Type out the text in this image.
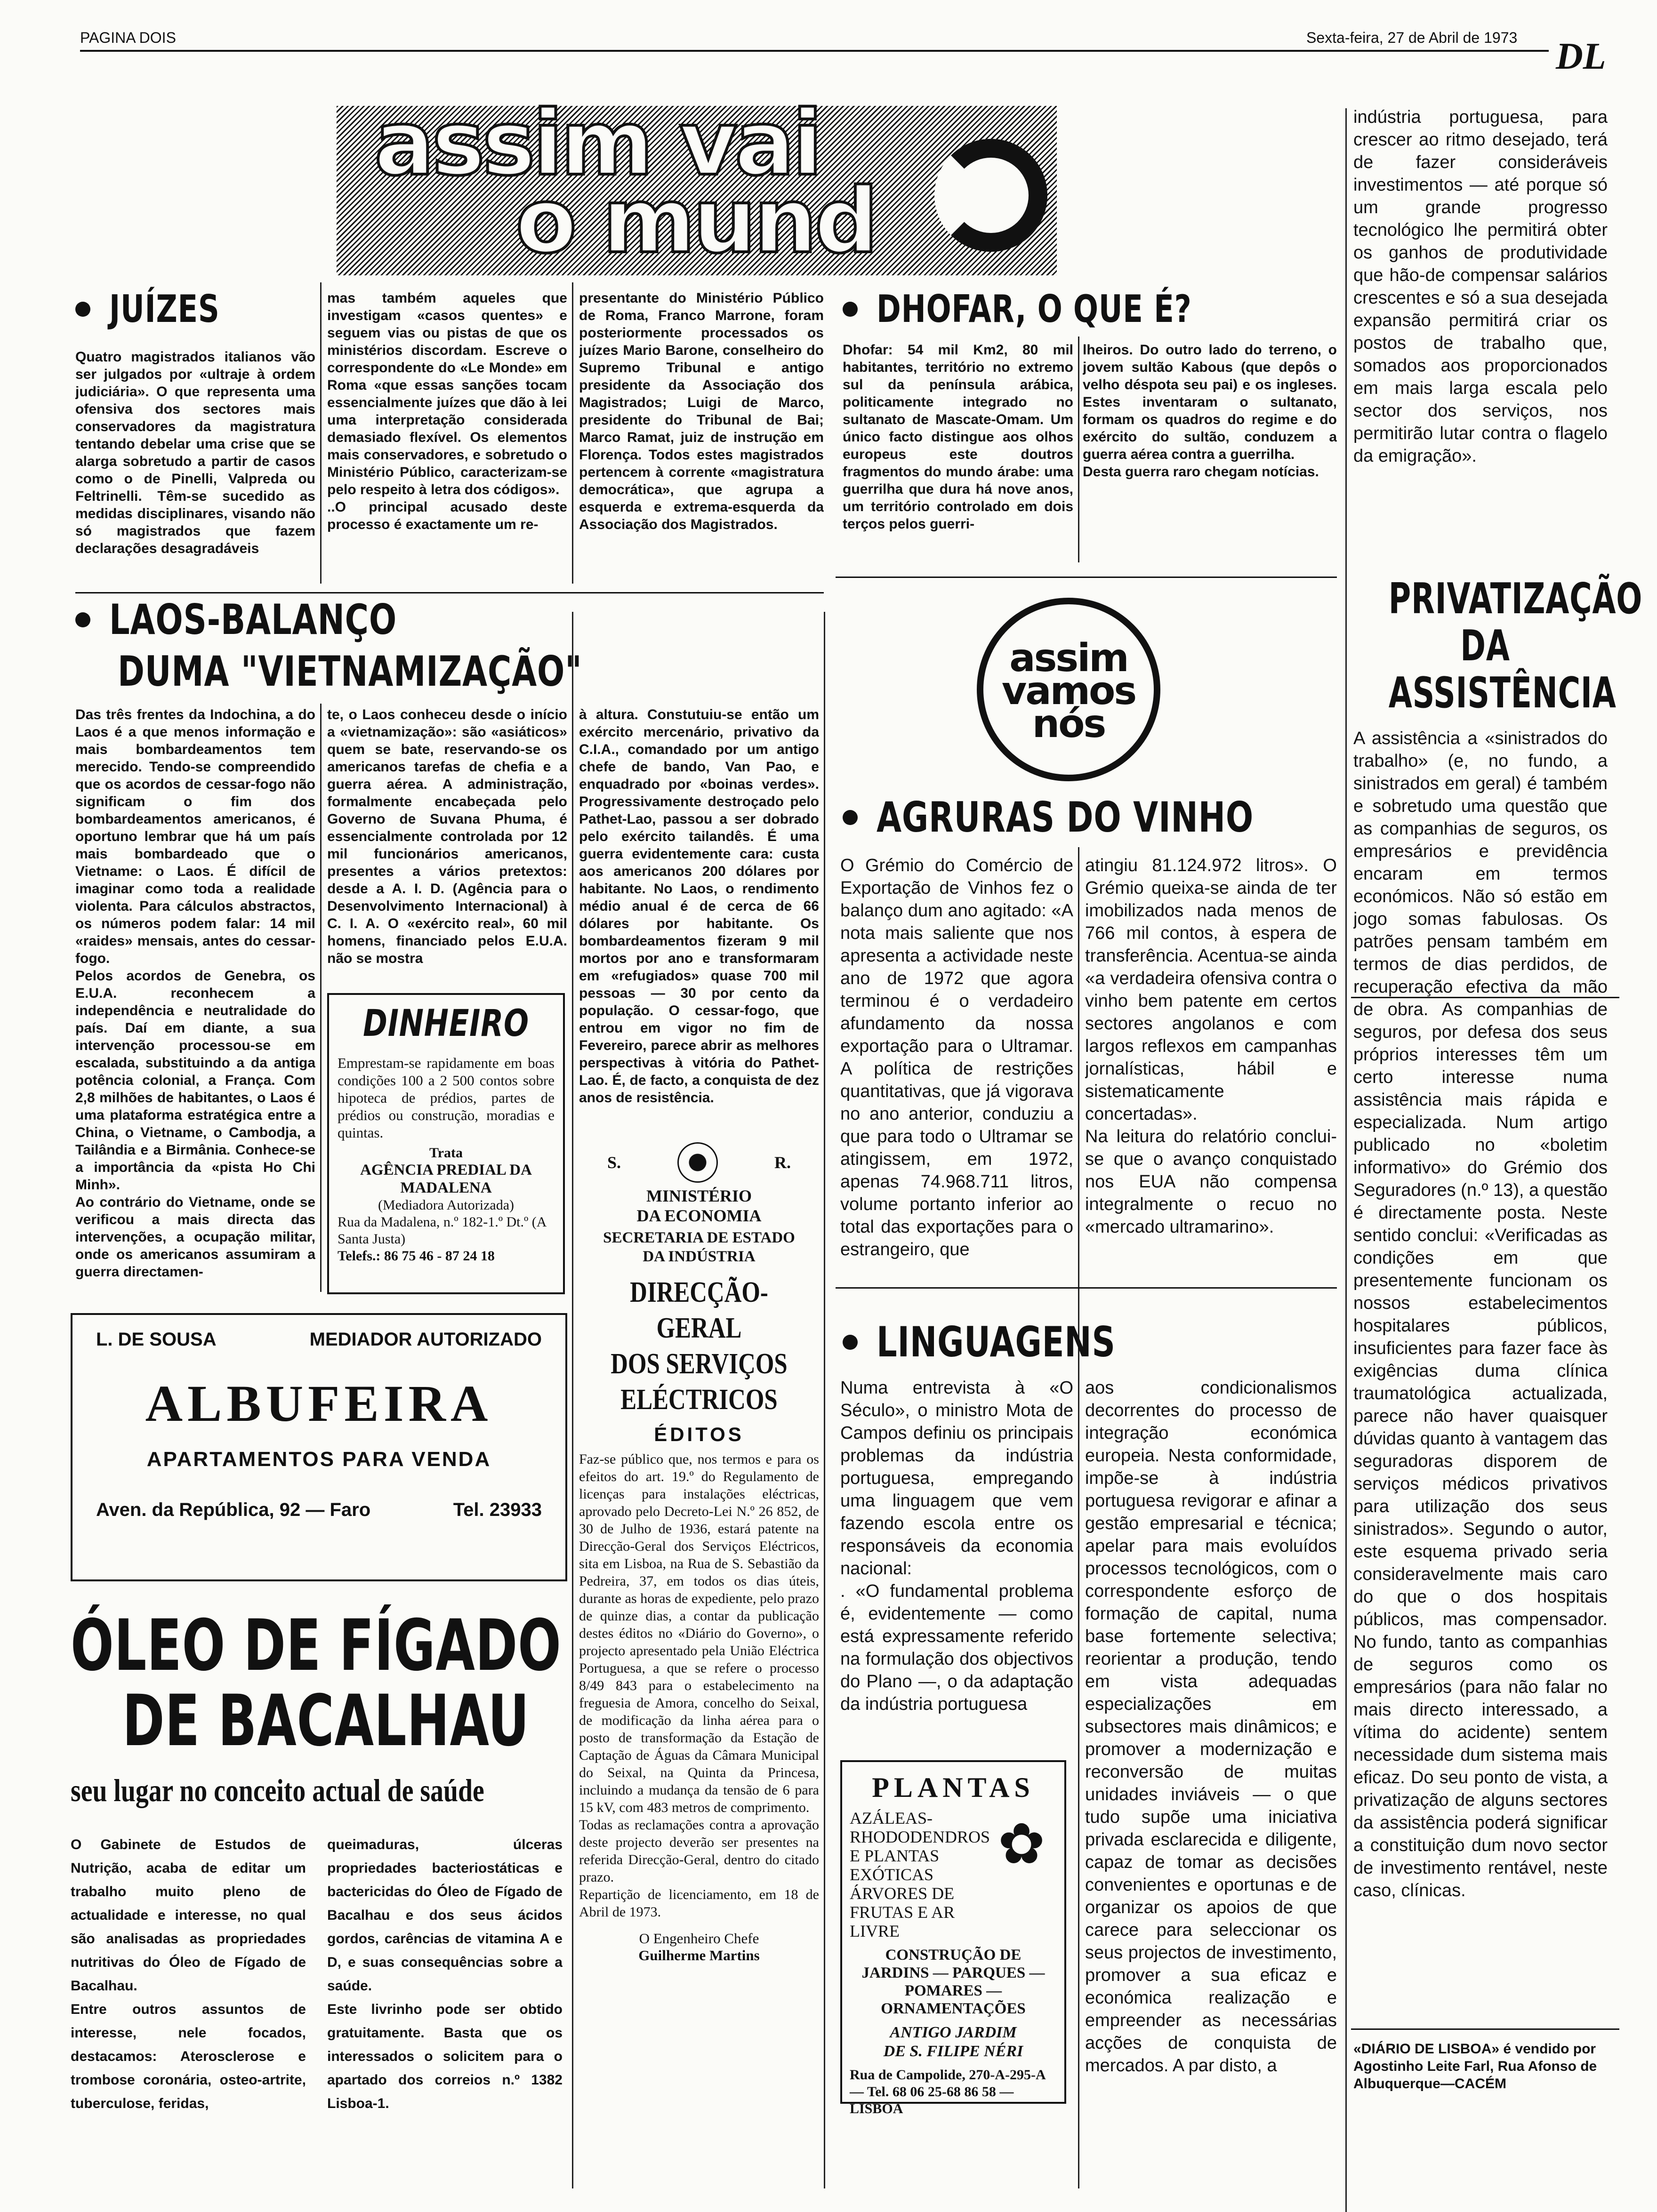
PAGINA DOIS	Sexta-feira, 27 de Abril de 1973 DL
assim vai
o mund
JUÍZES
Quatro magistrados italianos vão ser julgados por «ultraje à ordem judiciária». O que representa uma ofensiva dos sectores mais conservadores da magistratura tentando debelar uma crise que se alarga sobretudo a partir de casos como o de Pinelli, Valpreda ou Feltrinelli. Têm-se sucedido as medidas disciplinares, visando não só magistrados que fazem declarações desagradáveis
mas também aqueles que investigam «casos quentes» e seguem vias ou pistas de que os ministérios discordam. Escreve o correspondente do «Le Monde» em Roma «que essas sanções tocam essencialmente juízes que dão à lei uma interpretação considerada demasiado flexível. Os elementos mais conservadores, e sobretudo o Ministério Público, caracterizam-se pelo respeito à letra dos códigos».
..O principal acusado deste processo é exactamente um re-
presentante do Ministério Público de Roma, Franco Marrone, foram posteriormente processados os juízes Mario Barone, conselheiro do Supremo Tribunal e antigo presidente da Associação dos Magistrados; Luigi de Marco, presidente do Tribunal de Bai; Marco Ramat, juiz de instrução em Florença. Todos estes magistrados pertencem à corrente «magistratura democrática», que agrupa a esquerda e extrema-esquerda da Associação dos Magistrados.
DHOFAR, O QUE É?
Dhofar: 54 mil Km2, 80 mil habitantes, território no extremo sul da península arábica, politicamente integrado no sultanato de Mascate-Omam. Um único facto distingue aos olhos europeus este doutros fragmentos do mundo árabe: uma guerrilha que dura há nove anos, um território controlado em dois terços pelos guerri-
lheiros. Do outro lado do terreno, o jovem sultão Kabous (que depôs o velho déspota seu pai) e os ingleses. Estes inventaram o sultanato, formam os quadros do regime e do exército do sultão, conduzem a guerra aérea contra a guerrilha.
Desta guerra raro chegam notícias.
indústria portuguesa, para crescer ao ritmo desejado, terá de fazer consideráveis investimentos — até porque só um grande progresso tecnológico lhe permitirá obter os ganhos de produtividade que hão-de compensar salários crescentes e só a sua desejada expansão permitirá criar os postos de trabalho que, somados aos proporcionados em mais larga escala pelo sector dos serviços, nos permitirão lutar contra o flagelo da emigração».
LAOS-BALANÇO
DUMA "VIETNAMIZAÇÃO"
Das três frentes da Indochina, a do Laos é a que menos informação e mais bombardeamentos tem merecido. Tendo-se compreendido que os acordos de cessar-fogo não significam o fim dos bombardeamentos americanos, é oportuno lembrar que há um país mais bombardeado que o Vietname: o Laos. É difícil de imaginar como toda a realidade violenta. Para cálculos abstractos, os números podem falar: 14 mil «raides» mensais, antes do cessar-fogo.
Pelos acordos de Genebra, os E.U.A. reconhecem a independência e neutralidade do país. Daí em diante, a sua intervenção processou-se em escalada, substituindo a da antiga potência colonial, a França. Com 2,8 milhões de habitantes, o Laos é uma plataforma estratégica entre a China, o Vietname, o Cambodja, a Tailândia e a Birmânia. Conhece-se a importância da «pista Ho Chi Minh».
Ao contrário do Vietname, onde se verificou a mais directa das intervenções, a ocupação militar, onde os americanos assumiram a guerra directamen-
te, o Laos conheceu desde o início a «vietnamização»: são «asiáticos» quem se bate, reservando-se os americanos tarefas de chefia e a guerra aérea. A administração, formalmente encabeçada pelo Governo de Suvana Phuma, é essencialmente controlada por 12 mil funcionários americanos, presentes a vários pretextos: desde a A. I. D. (Agência para o Desenvolvimento Internacional) à C. I. A. O «exército real», 60 mil homens, financiado pelos E.U.A. não se mostra
à altura. Constutuiu-se então um exército mercenário, privativo da C.I.A., comandado por um antigo chefe de bando, Van Pao, e enquadrado por «boinas verdes». Progressivamente destroçado pelo Pathet-Lao, passou a ser dobrado pelo exército tailandês. É uma guerra evidentemente cara: custa aos americanos 200 dólares por habitante. No Laos, o rendimento médio anual é de cerca de 66 dólares por habitante. Os bombardeamentos fizeram 9 mil mortos por ano e transformaram em «refugiados» quase 700 mil pessoas — 30 por cento da população. O cessar-fogo, que entrou em vigor no fim de Fevereiro, parece abrir as melhores perspectivas à vitória do Pathet-Lao. É, de facto, a conquista de dez anos de resistência.
DINHEIRO
Emprestam-se rapidamente em boas condições 100 a 2 500 contos sobre hipoteca de prédios, partes de prédios ou construção, moradias e quintas.
Trata
AGÊNCIA PREDIAL DA MADALENA
(Mediadora Autorizada)
Rua da Madalena, n.º 182-1.º Dt.º (A Santa Justa)
Telefs.: 86 75 46 - 87 24 18
L. DE SOUSA	MEDIADOR AUTORIZADO
ALBUFEIRA
APARTAMENTOS PARA VENDA
Aven. da República, 92 — Faro	Tel. 23933
ÓLEO DE FÍGADO
DE BACALHAU
seu lugar no conceito actual de saúde
O Gabinete de Estudos de Nutrição, acaba de editar um trabalho muito pleno de actualidade e interesse, no qual são analisadas as propriedades nutritivas do Óleo de Fígado de Bacalhau.
Entre outros assuntos de interesse, nele focados, destacamos: Aterosclerose e trombose coronária, osteo-artrite, tuberculose, feridas,
queimaduras, úlceras propriedades bacteriostáticas e bactericidas do Óleo de Fígado de Bacalhau e dos seus ácidos gordos, carências de vitamina A e D, e suas consequências sobre a saúde.
Este livrinho pode ser obtido gratuitamente. Basta que os interessados o solicitem para o apartado dos correios n.º 1382 Lisboa-1.
S.	R.
MINISTÉRIO
DA ECONOMIA
SECRETARIA DE ESTADO
DA INDÚSTRIA
DIRECÇÃO-GERAL
DOS SERVIÇOS
ELÉCTRICOS
ÉDITOS
Faz-se público que, nos termos e para os efeitos do art. 19.º do Regulamento de licenças para instalações eléctricas, aprovado pelo Decreto-Lei N.º 26 852, de 30 de Julho de 1936, estará patente na Direcção-Geral dos Serviços Eléctricos, sita em Lisboa, na Rua de S. Sebastião da Pedreira, 37, em todos os dias úteis, durante as horas de expediente, pelo prazo de quinze dias, a contar da publicação destes éditos no «Diário do Governo», o projecto apresentado pela União Eléctrica Portuguesa, a que se refere o processo 8/49 843 para o estabelecimento na freguesia de Amora, concelho do Seixal, de modificação da linha aérea para o posto de transformação da Estação de Captação de Águas da Câmara Municipal do Seixal, na Quinta da Princesa, incluindo a mudança da tensão de 6 para 15 kV, com 483 metros de comprimento.
Todas as reclamações contra a aprovação deste projecto deverão ser presentes na referida Direcção-Geral, dentro do citado prazo.
Repartição de licenciamento, em 18 de Abril de 1973.
O Engenheiro Chefe
Guilherme Martins
assim
vamos
nós
AGRURAS DO VINHO
O Grémio do Comércio de Exportação de Vinhos fez o balanço dum ano agitado: «A nota mais saliente que nos apresenta a actividade neste ano de 1972 que agora terminou é o verdadeiro afundamento da nossa exportação para o Ultramar. A política de restrições quantitativas, que já vigorava no ano anterior, conduziu a que para todo o Ultramar se atingissem, em 1972, apenas 74.968.711 litros, volume portanto inferior ao total das exportações para o estrangeiro, que
atingiu 81.124.972 litros». O Grémio queixa-se ainda de ter imobilizados nada menos de 766 mil contos, à espera de transferência. Acentua-se ainda «a verdadeira ofensiva contra o vinho bem patente em certos sectores angolanos e com largos reflexos em campanhas jornalísticas, hábil e sistematicamente concertadas».
Na leitura do relatório conclui-se que o avanço conquistado nos EUA não compensa integralmente o recuo no «mercado ultramarino».
LINGUAGENS
Numa entrevista à «O Século», o ministro Mota de Campos definiu os principais problemas da indústria portuguesa, empregando uma linguagem que vem fazendo escola entre os responsáveis da economia nacional:
. «O fundamental problema é, evidentemente — como está expressamente referido na formulação dos objectivos do Plano —, o da adaptação da indústria portuguesa
aos condicionalismos decorrentes do processo de integração económica europeia. Nesta conformidade, impõe-se à indústria portuguesa revigorar e afinar a gestão empresarial e técnica; apelar para mais evoluídos processos tecnológicos, com o correspondente esforço de formação de capital, numa base fortemente selectiva; reorientar a produção, tendo em vista adequadas especializações em subsectores mais dinâmicos; e promover a modernização e reconversão de muitas unidades inviáveis — o que tudo supõe uma iniciativa privada esclarecida e diligente, capaz de tomar as decisões convenientes e oportunas e de organizar os apoios de que carece para seleccionar os seus projectos de investimento, promover a sua eficaz e económica realização e empreender as necessárias acções de conquista de mercados. A par disto, a
PLANTAS
AZÁLEAS-RHODODENDROS E PLANTAS EXÓTICAS ÁRVORES DE FRUTAS E AR LIVRE
✿
CONSTRUÇÃO DE JARDINS — PARQUES — POMARES — ORNAMENTAÇÕES
ANTIGO JARDIM
DE S. FILIPE NÉRI
Rua de Campolide, 270-A-295-A — Tel. 68 06 25-68 86 58 — LISBOA
PRIVATIZAÇÃO
DA
ASSISTÊNCIA
A assistência a «sinistrados do trabalho» (e, no fundo, a sinistrados em geral) é também e sobretudo uma questão que as companhias de seguros, os empresários e previdência encaram em termos económicos. Não só estão em jogo somas fabulosas. Os patrões pensam também em termos de dias perdidos, de recuperação efectiva da mão de obra. As companhias de seguros, por defesa dos seus próprios interesses têm um certo interesse numa assistência mais rápida e especializada. Num artigo publicado no «boletim informativo» do Grémio dos Seguradores (n.º 13), a questão é directamente posta. Neste sentido conclui: «Verificadas as condições em que presentemente funcionam os nossos estabelecimentos hospitalares públicos, insuficientes para fazer face às exigências duma clínica traumatológica actualizada, parece não haver quaisquer dúvidas quanto à vantagem das seguradoras disporem de serviços médicos privativos para utilização dos seus sinistrados». Segundo o autor, este esquema privado seria consideravelmente mais caro do que o dos hospitais públicos, mas compensador. No fundo, tanto as companhias de seguros como os empresários (para não falar no mais directo interessado, a vítima do acidente) sentem necessidade dum sistema mais eficaz. Do seu ponto de vista, a privatização de alguns sectores da assistência poderá significar a constituição dum novo sector de investimento rentável, neste caso, clínicas.
«DIÁRIO DE LISBOA» é vendido por Agostinho Leite Farl, Rua Afonso de Albuquerque—CACÉM
